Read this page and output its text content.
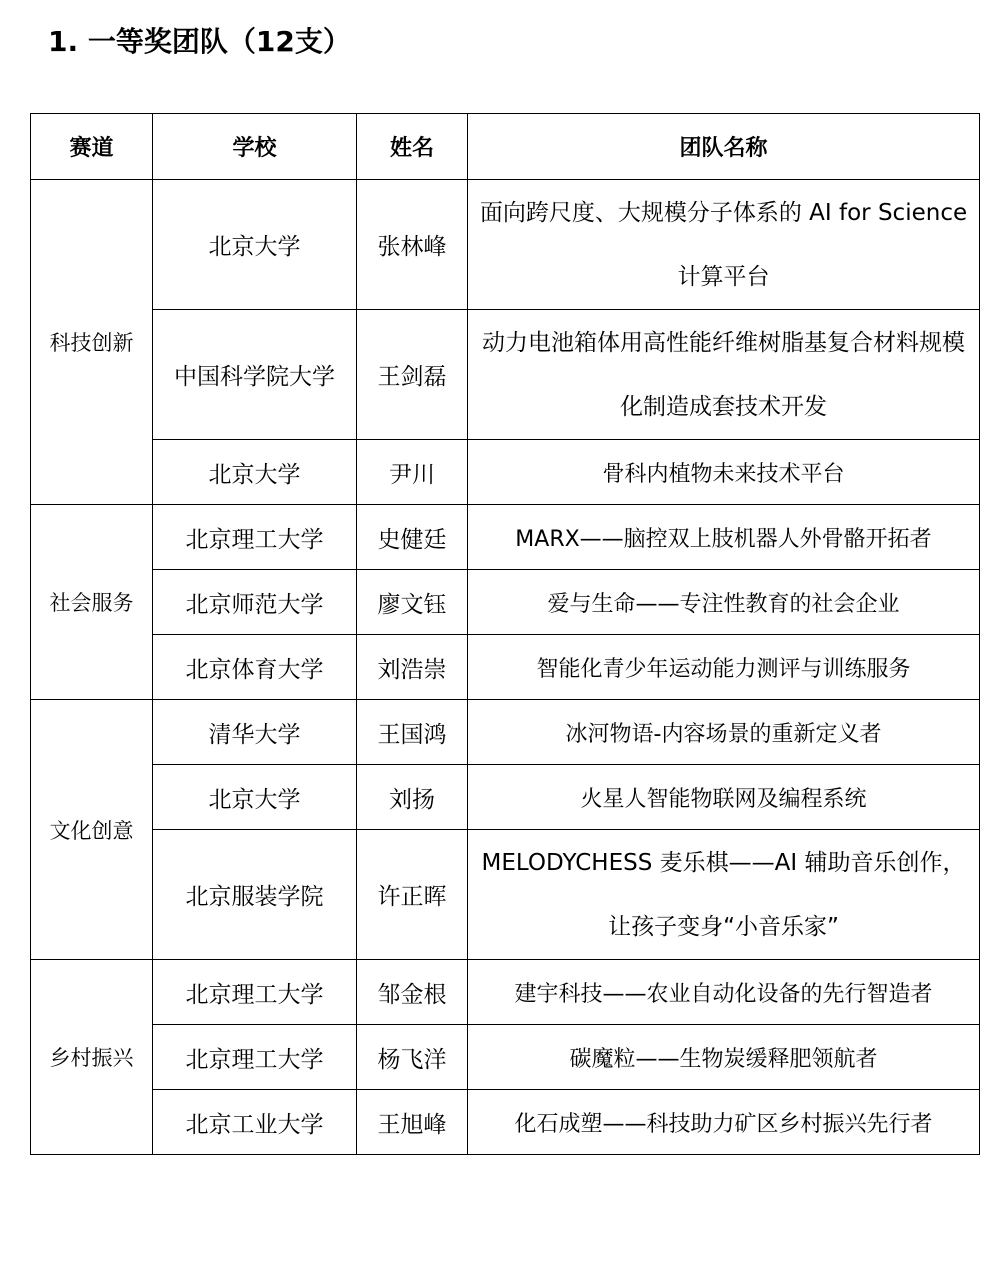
1. 一等奖团队（12支）
赛道	学校	姓名	团队名称
科技创新	北京大学	张林峰	面向跨尺度、大规模分子体系的 AI for Science 计算平台
	中国科学院大学	王剑磊	动力电池箱体用高性能纤维树脂基复合材料规模化制造成套技术开发
	北京大学	尹川	骨科内植物未来技术平台
社会服务	北京理工大学	史健廷	MARX——脑控双上肢机器人外骨骼开拓者
	北京师范大学	廖文钰	爱与生命——专注性教育的社会企业
	北京体育大学	刘浩崇	智能化青少年运动能力测评与训练服务
文化创意	清华大学	王国鸿	冰河物语-内容场景的重新定义者
	北京大学	刘扬	火星人智能物联网及编程系统
	北京服装学院	许正晖	MELODYCHESS 麦乐棋——AI 辅助音乐创作，让孩子变身“小音乐家”
乡村振兴	北京理工大学	邹金根	建宇科技——农业自动化设备的先行智造者
	北京理工大学	杨飞洋	碳魔粒——生物炭缓释肥领航者
	北京工业大学	王旭峰	化石成塑——科技助力矿区乡村振兴先行者
